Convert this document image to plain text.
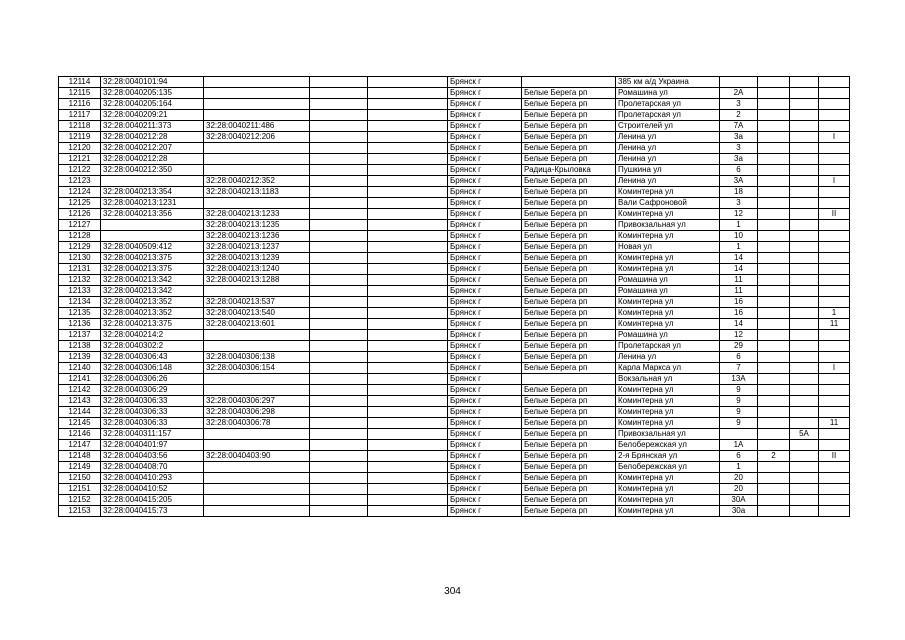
12114	32:28:0040101:94				Брянск г		385 км а/д Украина				
12115	32:28:0040205:135				Брянск г	Белые Берега рп	Ромашина ул	2А			
12116	32:28:0040205:164				Брянск г	Белые Берега рп	Пролетарская ул	3			
12117	32:28:0040209:21				Брянск г	Белые Берега рп	Пролетарская ул	2			
12118	32:28:0040211:373	32:28:0040211:486			Брянск г	Белые Берега рп	Строителей ул	7А			
12119	32:28:0040212:28	32:28:0040212:206			Брянск г	Белые Берега рп	Ленина ул	3а			I
12120	32:28:0040212:207				Брянск г	Белые Берега рп	Ленина ул	3			
12121	32:28:0040212:28				Брянск г	Белые Берега рп	Ленина ул	3а			
12122	32:28:0040212:350				Брянск г	Радица-Крыловка	Пушкина ул	6			
12123		32:28:0040212:352			Брянск г	Белые Берега рп	Ленина ул	3А			I
12124	32:28:0040213:354	32:28:0040213:1183			Брянск г	Белые Берега рп	Коминтерна ул	18			
12125	32:28:0040213:1231				Брянск г	Белые Берега рп	Вали Сафроновой	3			
12126	32:28:0040213:356	32:28:0040213:1233			Брянск г	Белые Берега рп	Коминтерна ул	12			II
12127		32:28:0040213:1235			Брянск г	Белые Берега рп	Привокзальная ул	1			
12128		32:28:0040213:1236			Брянск г	Белые Берега рп	Коминтерна ул	10			
12129	32:28:0040509:412	32:28:0040213:1237			Брянск г	Белые Берега рп	Новая ул	1			
12130	32:28:0040213:375	32:28:0040213:1239			Брянск г	Белые Берега рп	Коминтерна ул	14			
12131	32:28:0040213:375	32:28:0040213:1240			Брянск г	Белые Берега рп	Коминтерна ул	14			
12132	32:28:0040213:342	32:28:0040213:1288			Брянск г	Белые Берега рп	Ромашина ул	11			
12133	32:28:0040213:342				Брянск г	Белые Берега рп	Ромашина ул	11			
12134	32:28:0040213:352	32:28:0040213:537			Брянск г	Белые Берега рп	Коминтерна ул	16			
12135	32:28:0040213:352	32:28:0040213:540			Брянск г	Белые Берега рп	Коминтерна ул	16			1
12136	32:28:0040213:375	32:28:0040213:601			Брянск г	Белые Берега рп	Коминтерна ул	14			11
12137	32:28:0040214:2				Брянск г	Белые Берега рп	Ромашина ул	12			
12138	32:28:0040302:2				Брянск г	Белые Берега рп	Пролетарская ул	29			
12139	32:28:0040306:43	32:28:0040306:138			Брянск г	Белые Берега рп	Ленина ул	6			
12140	32:28:0040306:148	32:28:0040306:154			Брянск г	Белые Берега рп	Карла Маркса ул	7			I
12141	32:28:0040306:26				Брянск г		Вокзальная ул	13А			
12142	32:28:0040306:29				Брянск г	Белые Берега рп	Коминтерна ул	9			
12143	32:28:0040306:33	32:28:0040306:297			Брянск г	Белые Берега рп	Коминтерна ул	9			
12144	32:28:0040306:33	32:28:0040306:298			Брянск г	Белые Берега рп	Коминтерна ул	9			
12145	32:28:0040306:33	32:28:0040306:78			Брянск г	Белые Берега рп	Коминтерна ул	9			11
12146	32:28:0040311:157				Брянск г	Белые Берега рп	Привокзальная ул			5А	
12147	32:28:0040401:97				Брянск г	Белые Берега рп	Белобережская ул	1А			
12148	32:28:0040403:56	32:28:0040403:90			Брянск г	Белые Берега рп	2-я Брянская ул	6	2		II
12149	32:28:0040408:70				Брянск г	Белые Берега рп	Белобережская ул	1			
12150	32:28:0040410:293				Брянск г	Белые Берега рп	Коминтерна ул	20			
12151	32:28:0040410:52				Брянск г	Белые Берега рп	Коминтерна ул	20			
12152	32:28:0040415:205				Брянск г	Белые Берега рп	Коминтерна ул	30А			
12153	32:28:0040415:73				Брянск г	Белые Берега рп	Коминтерна ул	30а			
304
